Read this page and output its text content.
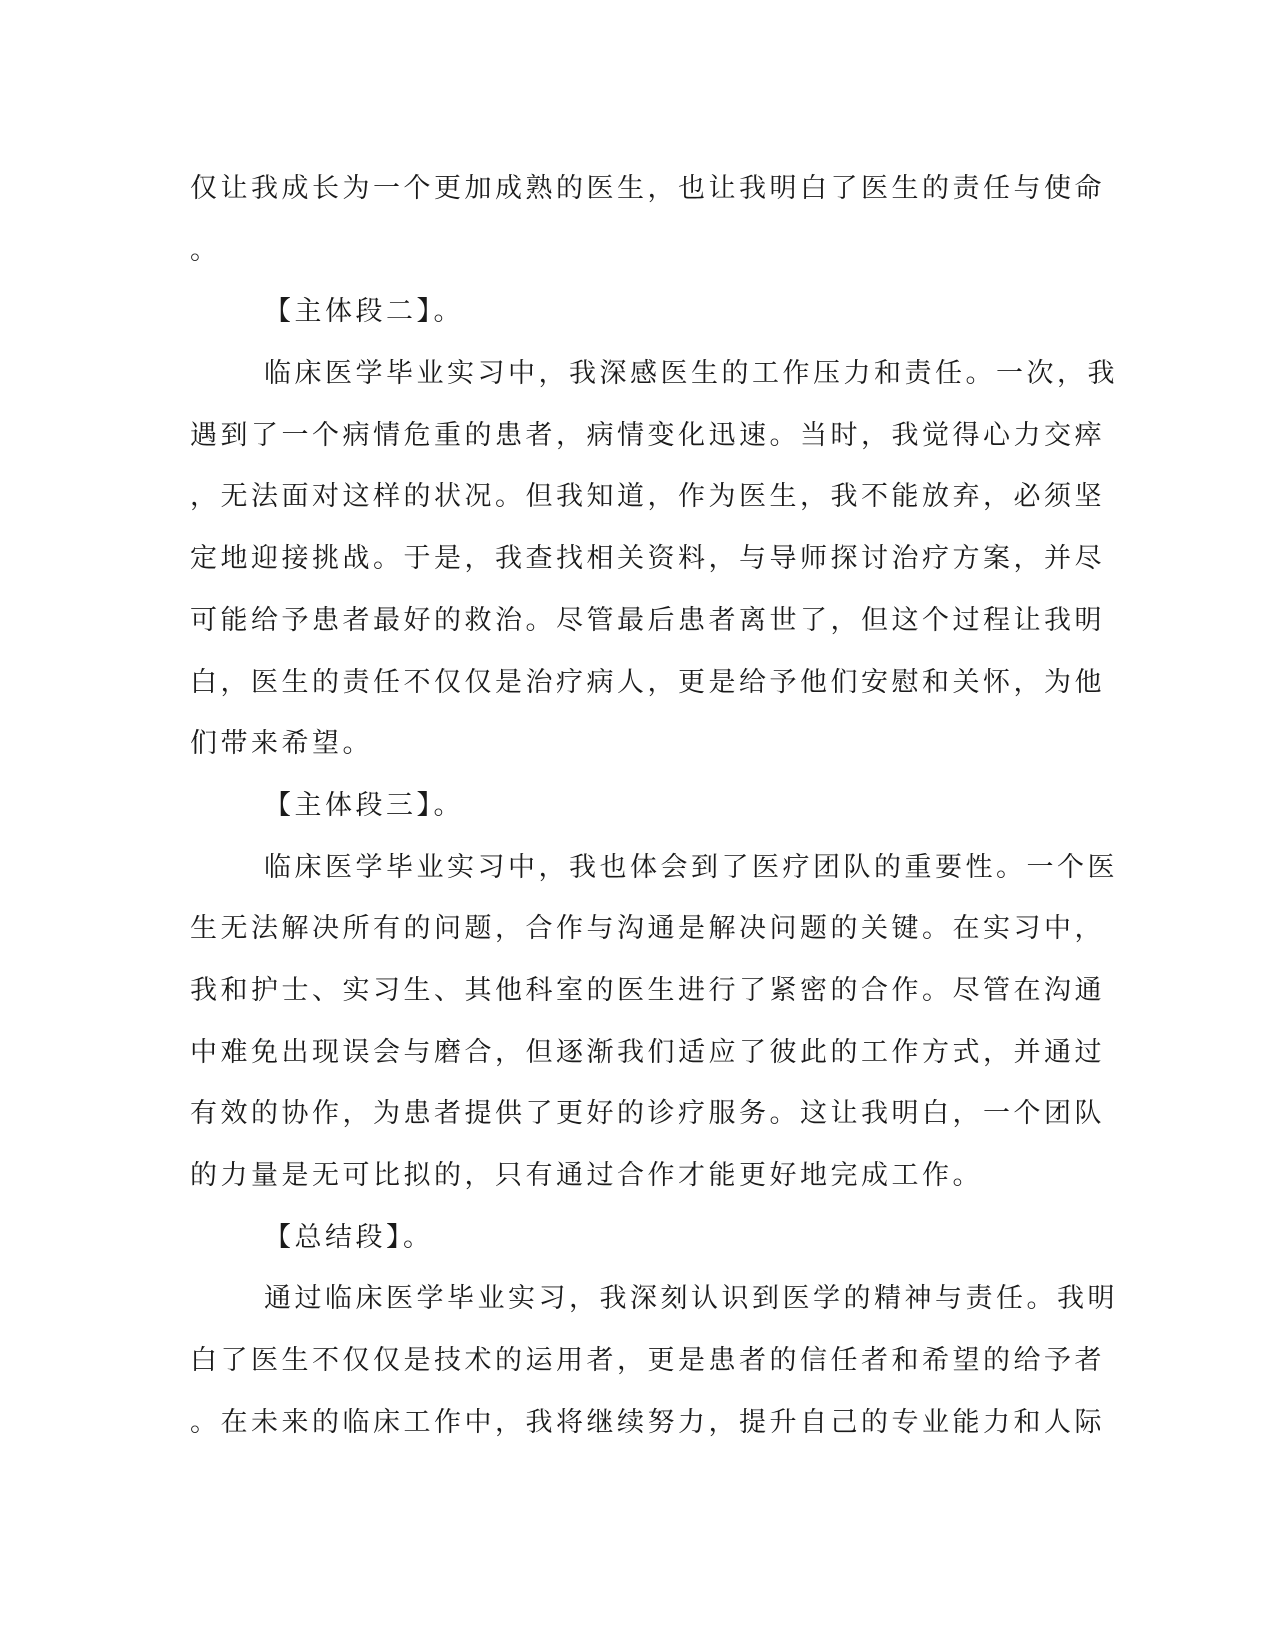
仅让我成长为一个更加成熟的医生，也让我明白了医生的责任与使命
。
【主体段二】。
临床医学毕业实习中，我深感医生的工作压力和责任。一次，我
遇到了一个病情危重的患者，病情变化迅速。当时，我觉得心力交瘁
，无法面对这样的状况。但我知道，作为医生，我不能放弃，必须坚
定地迎接挑战。于是，我查找相关资料，与导师探讨治疗方案，并尽
可能给予患者最好的救治。尽管最后患者离世了，但这个过程让我明
白，医生的责任不仅仅是治疗病人，更是给予他们安慰和关怀，为他
们带来希望。
【主体段三】。
临床医学毕业实习中，我也体会到了医疗团队的重要性。一个医
生无法解决所有的问题，合作与沟通是解决问题的关键。在实习中，
我和护士、实习生、其他科室的医生进行了紧密的合作。尽管在沟通
中难免出现误会与磨合，但逐渐我们适应了彼此的工作方式，并通过
有效的协作，为患者提供了更好的诊疗服务。这让我明白，一个团队
的力量是无可比拟的，只有通过合作才能更好地完成工作。
【总结段】。
通过临床医学毕业实习，我深刻认识到医学的精神与责任。我明
白了医生不仅仅是技术的运用者，更是患者的信任者和希望的给予者
。在未来的临床工作中，我将继续努力，提升自己的专业能力和人际
